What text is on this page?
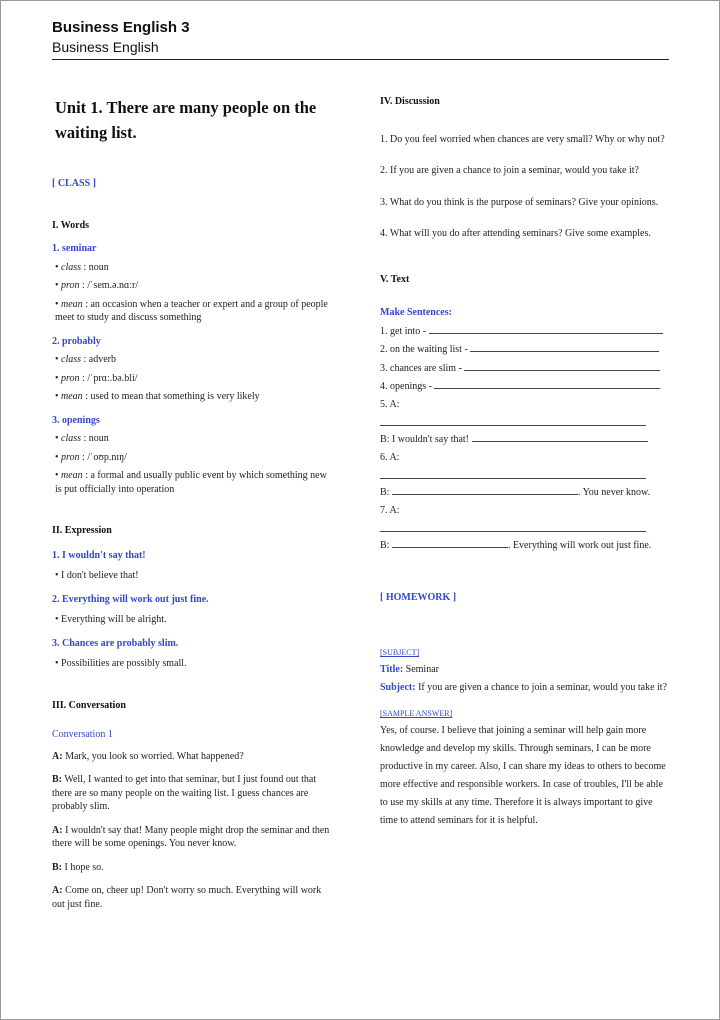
Business English 3
Business English

Unit 1. There are many people on the waiting list.

[ CLASS ]

I. Words

1. seminar

• class : noun

• pron : /ˈsem.ə.nɑːr/

• mean : an occasion when a teacher or expert and a group of people meet to study and discuss something

2. probably

• class : adverb

• pron : /ˈprɑː.bə.bli/

• mean : used to mean that something is very likely

3. openings

• class : noun

• pron : /ˈoʊp.nɪŋ/

• mean : a formal and usually public event by which something new is put officially into operation

II. Expression

1. I wouldn't say that!

• I don't believe that!

2. Everything will work out just fine.

• Everything will be alright.

3. Chances are probably slim.

• Possibilities are possibly small.

III. Conversation

Conversation 1

A: Mark, you look so worried. What happened?

B: Well, I wanted to get into that seminar, but I just found out that there are so many people on the waiting list. I guess chances are probably slim.

A: I wouldn't say that! Many people might drop the seminar and then there will be some openings. You never know.

B: I hope so.

A: Come on, cheer up! Don't worry so much. Everything will work out just fine.

IV. Discussion

1. Do you feel worried when chances are very small? Why or why not?

2. If you are given a chance to join a seminar, would you take it?

3. What do you think is the purpose of seminars? Give your opinions.

4. What will you do after attending seminars? Give some examples.

V. Text

Make Sentences:

1. get into -

2. on the waiting list -

3. chances are slim -

4. openings -

5. A:

B: I wouldn't say that!

6. A:

B:	. You never know.

7. A:

B:	. Everything will work out just fine.

[ HOMEWORK ]

[SUBJECT]

Title: Seminar

Subject: If you are given a chance to join a seminar, would you take it?

[SAMPLE ANSWER]

Yes, of course. I believe that joining a seminar will help gain more knowledge and develop my skills. Through seminars, I can be more productive in my career. Also, I can share my ideas to others to become more effective and responsible workers. In case of troubles, I'll be able to use my skills at any time. Therefore it is always important to give time to attend seminars for it is helpful.
